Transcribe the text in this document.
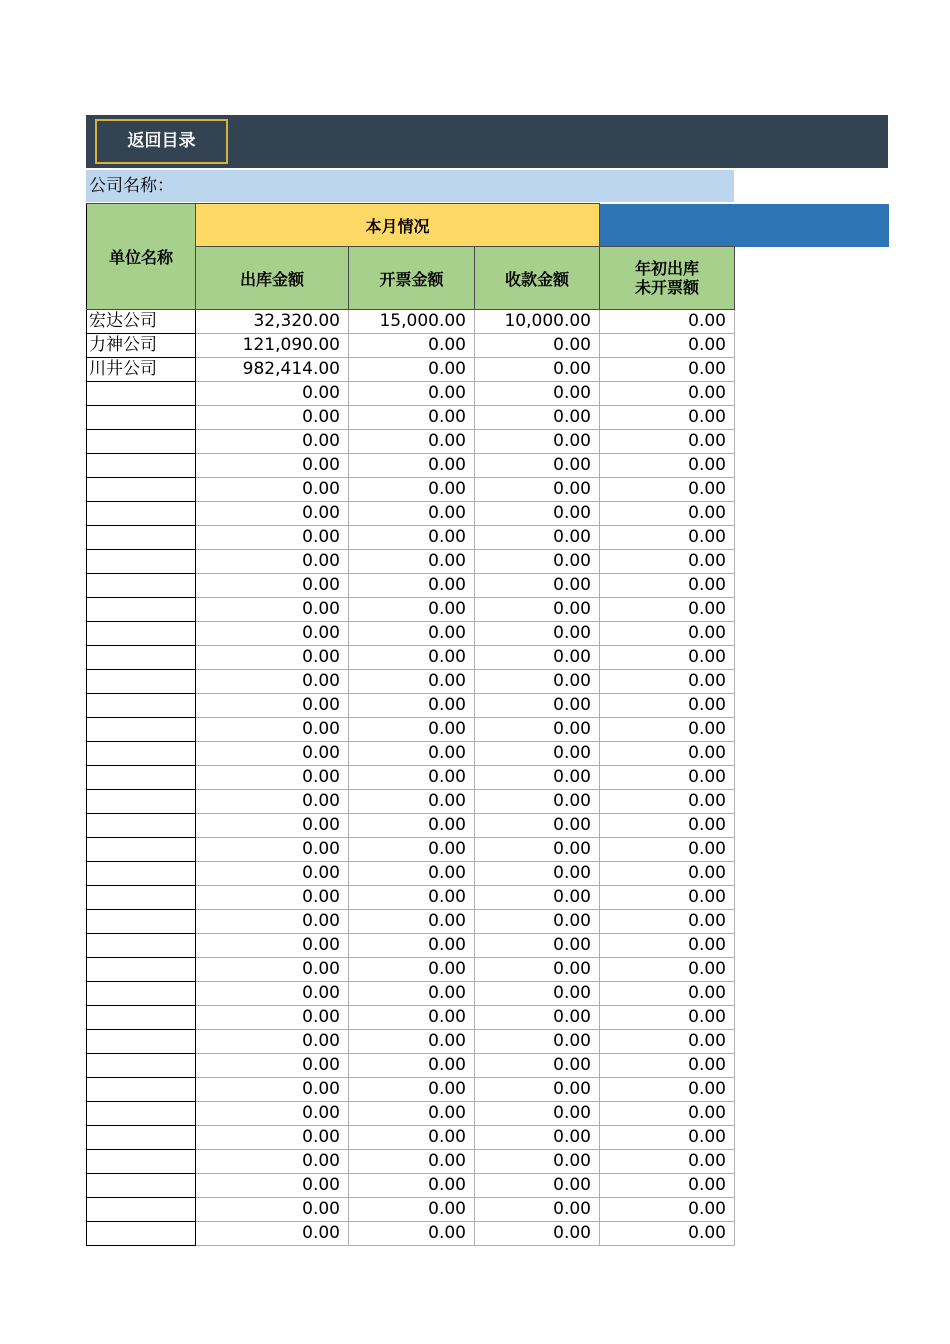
返回目录
公司名称：
单位名称	本月情况				
	出库金额	开票金额	收款金额	年初出库
未开票额	

宏达公司	32,320.00	15,000.00	10,000.00	0.00	
力神公司	121,090.00	0.00	0.00	0.00	
川井公司	982,414.00	0.00	0.00	0.00	
	0.00	0.00	0.00	0.00	
	0.00	0.00	0.00	0.00	
	0.00	0.00	0.00	0.00	
	0.00	0.00	0.00	0.00	
	0.00	0.00	0.00	0.00	
	0.00	0.00	0.00	0.00	
	0.00	0.00	0.00	0.00	
	0.00	0.00	0.00	0.00	
	0.00	0.00	0.00	0.00	
	0.00	0.00	0.00	0.00	
	0.00	0.00	0.00	0.00	
	0.00	0.00	0.00	0.00	
	0.00	0.00	0.00	0.00	
	0.00	0.00	0.00	0.00	
	0.00	0.00	0.00	0.00	
	0.00	0.00	0.00	0.00	
	0.00	0.00	0.00	0.00	
	0.00	0.00	0.00	0.00	
	0.00	0.00	0.00	0.00	
	0.00	0.00	0.00	0.00	
	0.00	0.00	0.00	0.00	
	0.00	0.00	0.00	0.00	
	0.00	0.00	0.00	0.00	
	0.00	0.00	0.00	0.00	
	0.00	0.00	0.00	0.00	
	0.00	0.00	0.00	0.00	
	0.00	0.00	0.00	0.00	
	0.00	0.00	0.00	0.00	
	0.00	0.00	0.00	0.00	
	0.00	0.00	0.00	0.00	
	0.00	0.00	0.00	0.00	
	0.00	0.00	0.00	0.00	
	0.00	0.00	0.00	0.00	
	0.00	0.00	0.00	0.00	
	0.00	0.00	0.00	0.00	
	0.00	0.00	0.00	0.00	
